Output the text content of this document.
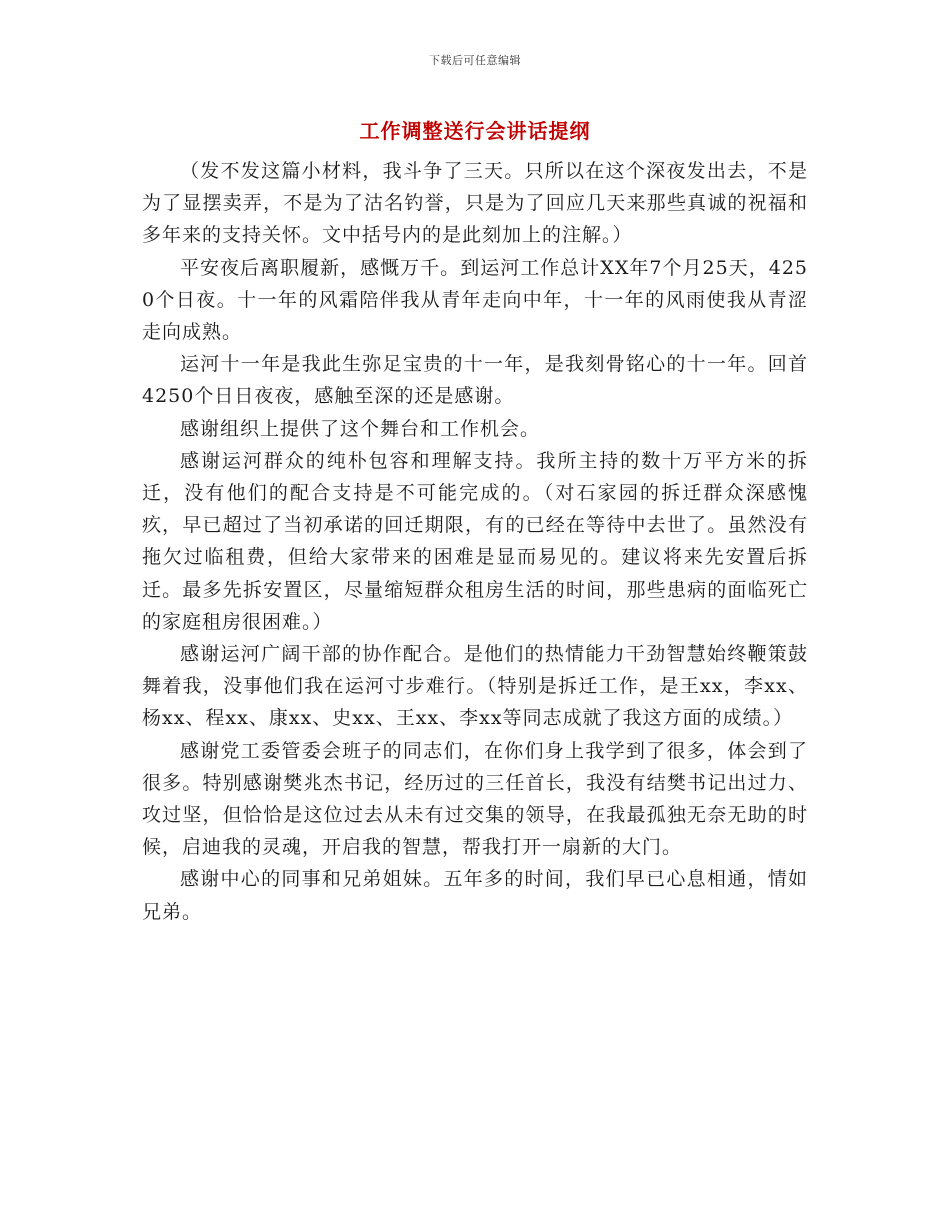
下载后可任意编辑
工作调整送行会讲话提纲

（发不发这篇小材料，我斗争了三天。只所以在这个深夜发出去，不是为了显摆卖弄，不是为了沽名钓誉，只是为了回应几天来那些真诚的祝福和多年来的支持关怀。文中括号内的是此刻加上的注解。）

平安夜后离职履新，感慨万千。到运河工作总计XX年7个月25天，4250个日夜。十一年的风霜陪伴我从青年走向中年，十一年的风雨使我从青涩走向成熟。

运河十一年是我此生弥足宝贵的十一年，是我刻骨铭心的十一年。回首4250个日日夜夜，感触至深的还是感谢。

感谢组织上提供了这个舞台和工作机会。

感谢运河群众的纯朴包容和理解支持。我所主持的数十万平方米的拆迁，没有他们的配合支持是不可能完成的。（对石家园的拆迁群众深感愧疚，早已超过了当初承诺的回迁期限，有的已经在等待中去世了。虽然没有拖欠过临租费，但给大家带来的困难是显而易见的。建议将来先安置后拆迁。最多先拆安置区，尽量缩短群众租房生活的时间，那些患病的面临死亡的家庭租房很困难。）

感谢运河广阔干部的协作配合。是他们的热情能力干劲智慧始终鞭策鼓舞着我，没事他们我在运河寸步难行。（特别是拆迁工作，是王xx，李xx、杨xx、程xx、康xx、史xx、王xx、李xx等同志成就了我这方面的成绩。）

感谢党工委管委会班子的同志们，在你们身上我学到了很多，体会到了很多。特别感谢樊兆杰书记，经历过的三任首长，我没有结樊书记出过力、攻过坚，但恰恰是这位过去从未有过交集的领导，在我最孤独无奈无助的时候，启迪我的灵魂，开启我的智慧，帮我打开一扇新的大门。

感谢中心的同事和兄弟姐妹。五年多的时间，我们早已心息相通，情如兄弟。
